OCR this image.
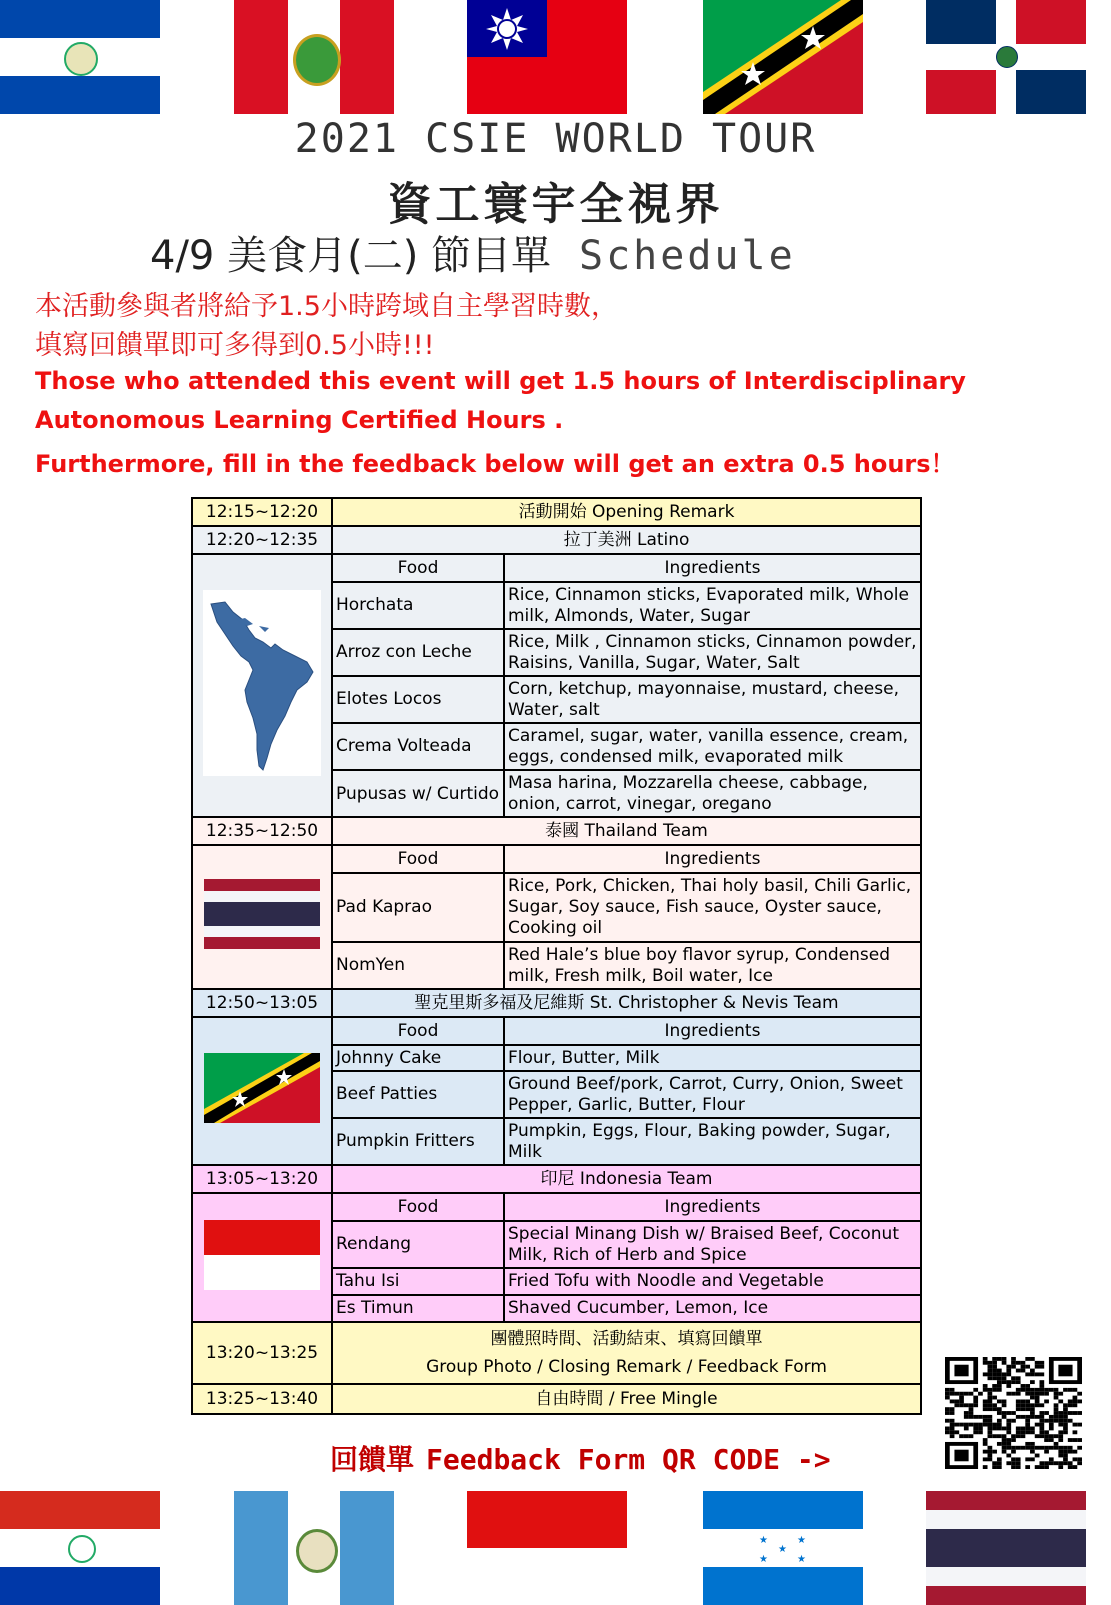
2021 CSIE WORLD TOUR
資工寰宇全視界
4/9 美食月(二) 節目單 Schedule
本活動參與者將給予1.5小時跨域自主學習時數，
填寫回饋單即可多得到0.5小時!!!
Those who attended this event will get 1.5 hours of Interdisciplinary
Autonomous Learning Certified Hours .
Furthermore, fill in the feedback below will get an extra 0.5 hours！
12:15~12:20	活動開始 Opening Remark	
12:20~12:35	拉丁美洲 Latino	
	Food	Ingredients
	Horchata	Rice, Cinnamon sticks, Evaporated milk, Whole milk, Almonds, Water, Sugar
	Arroz con Leche	Rice, Milk , Cinnamon sticks, Cinnamon powder, Raisins, Vanilla, Sugar, Water, Salt
	Elotes Locos	Corn, ketchup, mayonnaise, mustard, cheese, Water, salt
	Crema Volteada	Caramel, sugar, water, vanilla essence, cream, eggs, condensed milk, evaporated milk
	Pupusas w/ Curtido	Masa harina, Mozzarella cheese, cabbage, onion, carrot, vinegar, oregano
12:35~12:50	泰國 Thailand Team	
	Food	Ingredients
	Pad Kaprao	Rice, Pork, Chicken, Thai holy basil, Chili Garlic, Sugar, Soy sauce, Fish sauce, Oyster sauce, Cooking oil
	NomYen	Red Hale’s blue boy flavor syrup, Condensed milk, Fresh milk, Boil water, Ice
12:50~13:05	聖克里斯多福及尼維斯 St. Christopher & Nevis Team	
	Food	Ingredients
	Johnny Cake	Flour, Butter, Milk
	Beef Patties	Ground Beef/pork, Carrot, Curry, Onion, Sweet Pepper, Garlic, Butter, Flour
	Pumpkin Fritters	Pumpkin, Eggs, Flour, Baking powder, Sugar, Milk
13:05~13:20	印尼 Indonesia Team	
	Food	Ingredients
	Rendang	Special Minang Dish w/ Braised Beef, Coconut Milk, Rich of Herb and Spice
	Tahu Isi	Fried Tofu with Noodle and Vegetable
	Es Timun	Shaved Cucumber, Lemon, Ice
13:20~13:25	團體照時間、活動結束、填寫回饋單
Group Photo / Closing Remark / Feedback Form	

13:25~13:40	自由時間 / Free Mingle	
回饋單 Feedback Form QR CODE ->
★	★
★
★	★
